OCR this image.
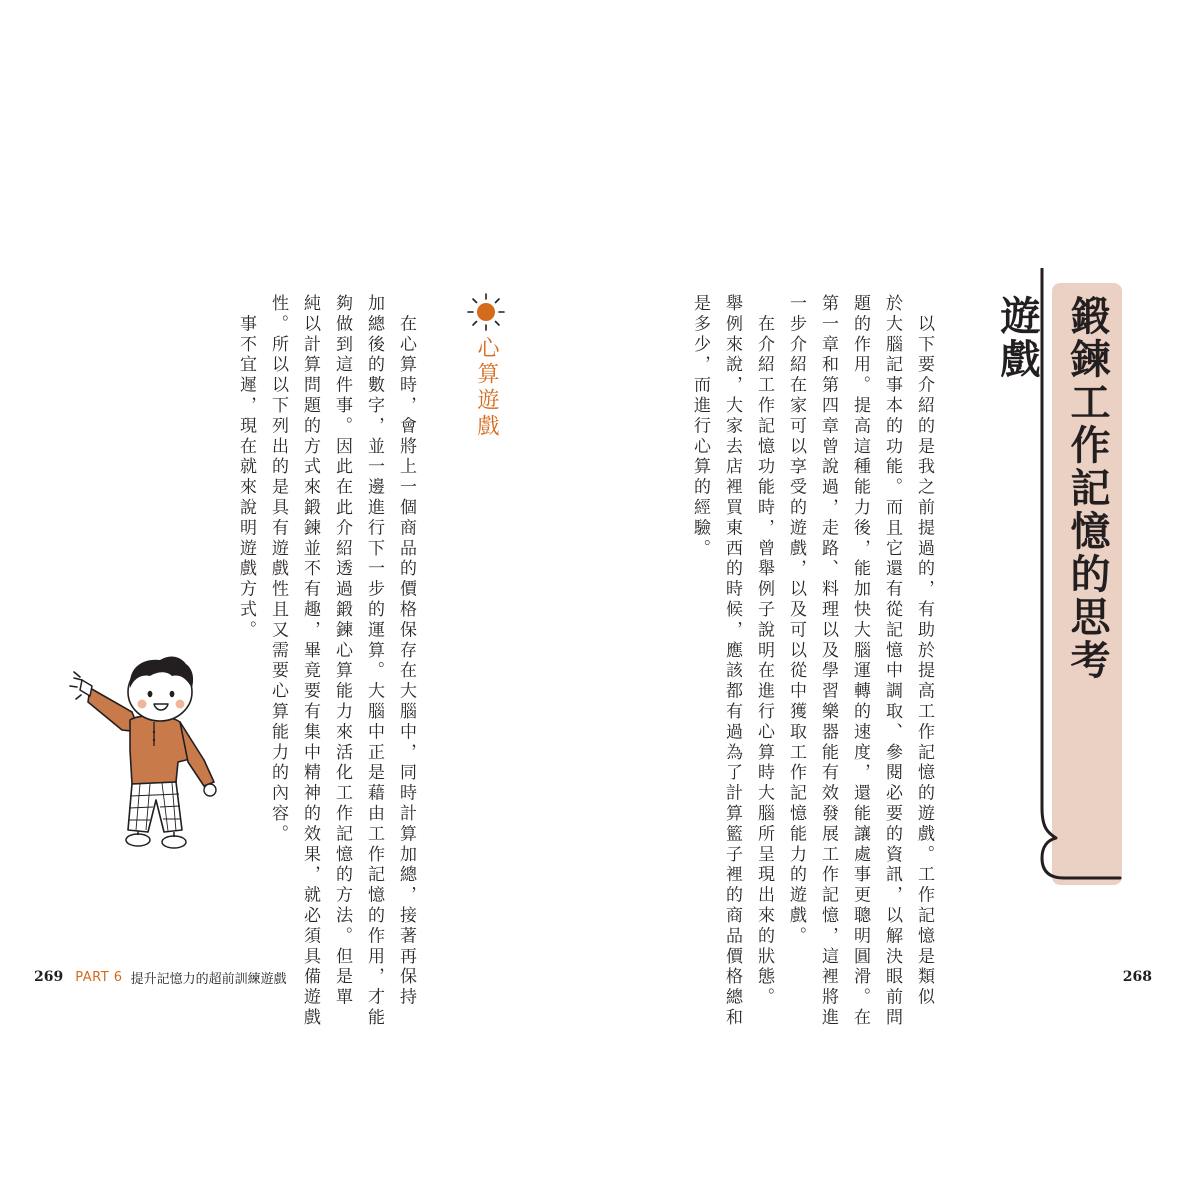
鍛鍊工作記憶的思考遊戲
　以下要介紹的是我之前提過的，有助於提高工作記憶的遊戲。工作記憶是類似
於大腦記事本的功能。而且它還有從記憶中調取、參閱必要的資訊，以解決眼前問
題的作用。提高這種能力後，能加快大腦運轉的速度，還能讓處事更聰明圓滑。在
第一章和第四章曾說過，走路、料理以及學習樂器能有效發展工作記憶，這裡將進
一步介紹在家可以享受的遊戲，以及可以從中獲取工作記憶能力的遊戲。
　在介紹工作記憶功能時，曾舉例子說明在進行心算時大腦所呈現出來的狀態。
舉例來說，大家去店裡買東西的時候，應該都有過為了計算籃子裡的商品價格總和
是多少，而進行心算的經驗。
心算遊戲
　在心算時，會將上一個商品的價格保存在大腦中，同時計算加總，接著再保持
加總後的數字，並一邊進行下一步的運算。大腦中正是藉由工作記憶的作用，才能
夠做到這件事。因此在此介紹透過鍛鍊心算能力來活化工作記憶的方法。但是單
純以計算問題的方式來鍛鍊並不有趣，畢竟要有集中精神的效果，就必須具備遊戲
性。所以以下列出的是具有遊戲性且又需要心算能力的內容。
　事不宜遲，現在就來說明遊戲方式。
269 PART 6 提升記憶力的超前訓練遊戲	268
